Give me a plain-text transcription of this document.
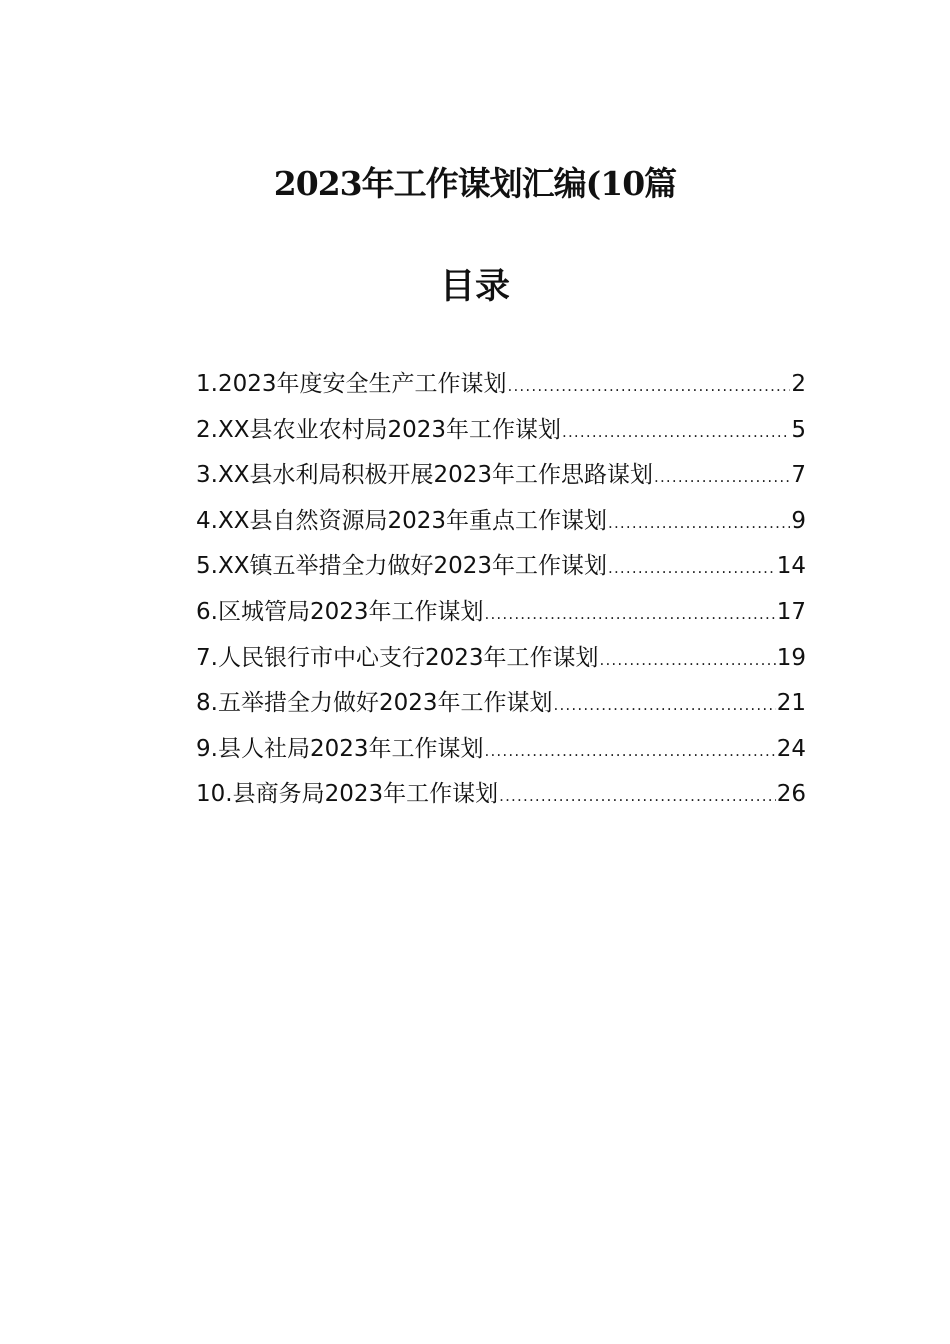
2023年工作谋划汇编(10篇
目录
1.2023年度安全生产工作谋划 .....	2
2.XX县农业农村局2023年工作谋划 .....	5
3.XX县水利局积极开展2023年工作思路谋划 .....	7
4.XX县自然资源局2023年重点工作谋划 .....	9
5.XX镇五举措全力做好2023年工作谋划 .....	14
6.区城管局2023年工作谋划 .....	17
7.人民银行市中心支行2023年工作谋划 .....	19
8.五举措全力做好2023年工作谋划 .....	21
9.县人社局2023年工作谋划 .....	24
10.县商务局2023年工作谋划 .....	26
